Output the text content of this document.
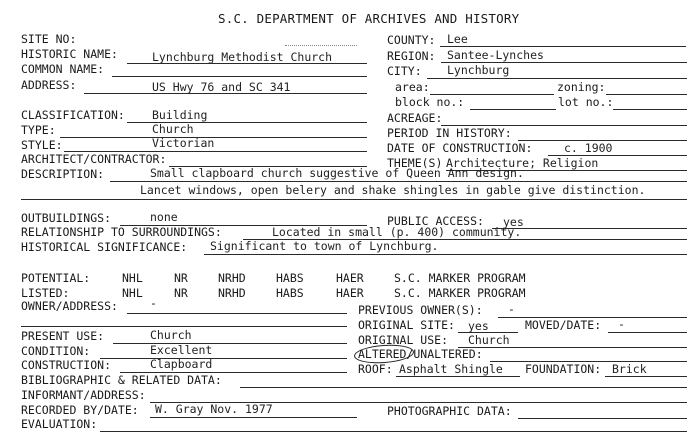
S.C. DEPARTMENT OF ARCHIVES AND HISTORY
SITE NO:	COUNTY: Lee
HISTORIC NAME:	Lynchburg Methodist Church	REGION: Santee-Lynches
COMMON NAME:	CITY: Lynchburg
ADDRESS:	US Hwy 76 and SC 341	area:	zoning:
block no.:	lot no.:
CLASSIFICATION: Building	ACREAGE:
TYPE:	Church	PERIOD IN HISTORY:
STYLE:	Victorian	DATE OF CONSTRUCTION:	c. 1900
ARCHITECT/CONTRACTOR:	THEME(S) Architecture; Religion
DESCRIPTION:	Small clapboard church suggestive of Queen Ann design.
Lancet windows, open belery and shake shingles in gable give distinction.
OUTBUILDINGS:	none	PUBLIC ACCESS: yes
RELATIONSHIP TO SURROUNDINGS:	Located in small (p. 400) community.
HISTORICAL SIGNIFICANCE: Significant to town of Lynchburg.
POTENTIAL:	NHL	NR	NRHD	HABS	HAER	S.C. MARKER PROGRAM
LISTED:	NHL	NR	NRHD	HABS	HAER	S.C. MARKER PROGRAM
OWNER/ADDRESS:	-	PREVIOUS OWNER(S): -
ORIGINAL SITE: yes	MOVED/DATE: -
PRESENT USE:	Church	ORIGINAL USE: Church
CONDITION:	Excellent	ALTERED/UNALTERED:
CONSTRUCTION:	Clapboard	ROOF: Asphalt Shingle FOUNDATION: Brick
BIBLIOGRAPHIC & RELATED DATA:
INFORMANT/ADDRESS:
RECORDED BY/DATE: W. Gray Nov. 1977	PHOTOGRAPHIC DATA:
EVALUATION:
